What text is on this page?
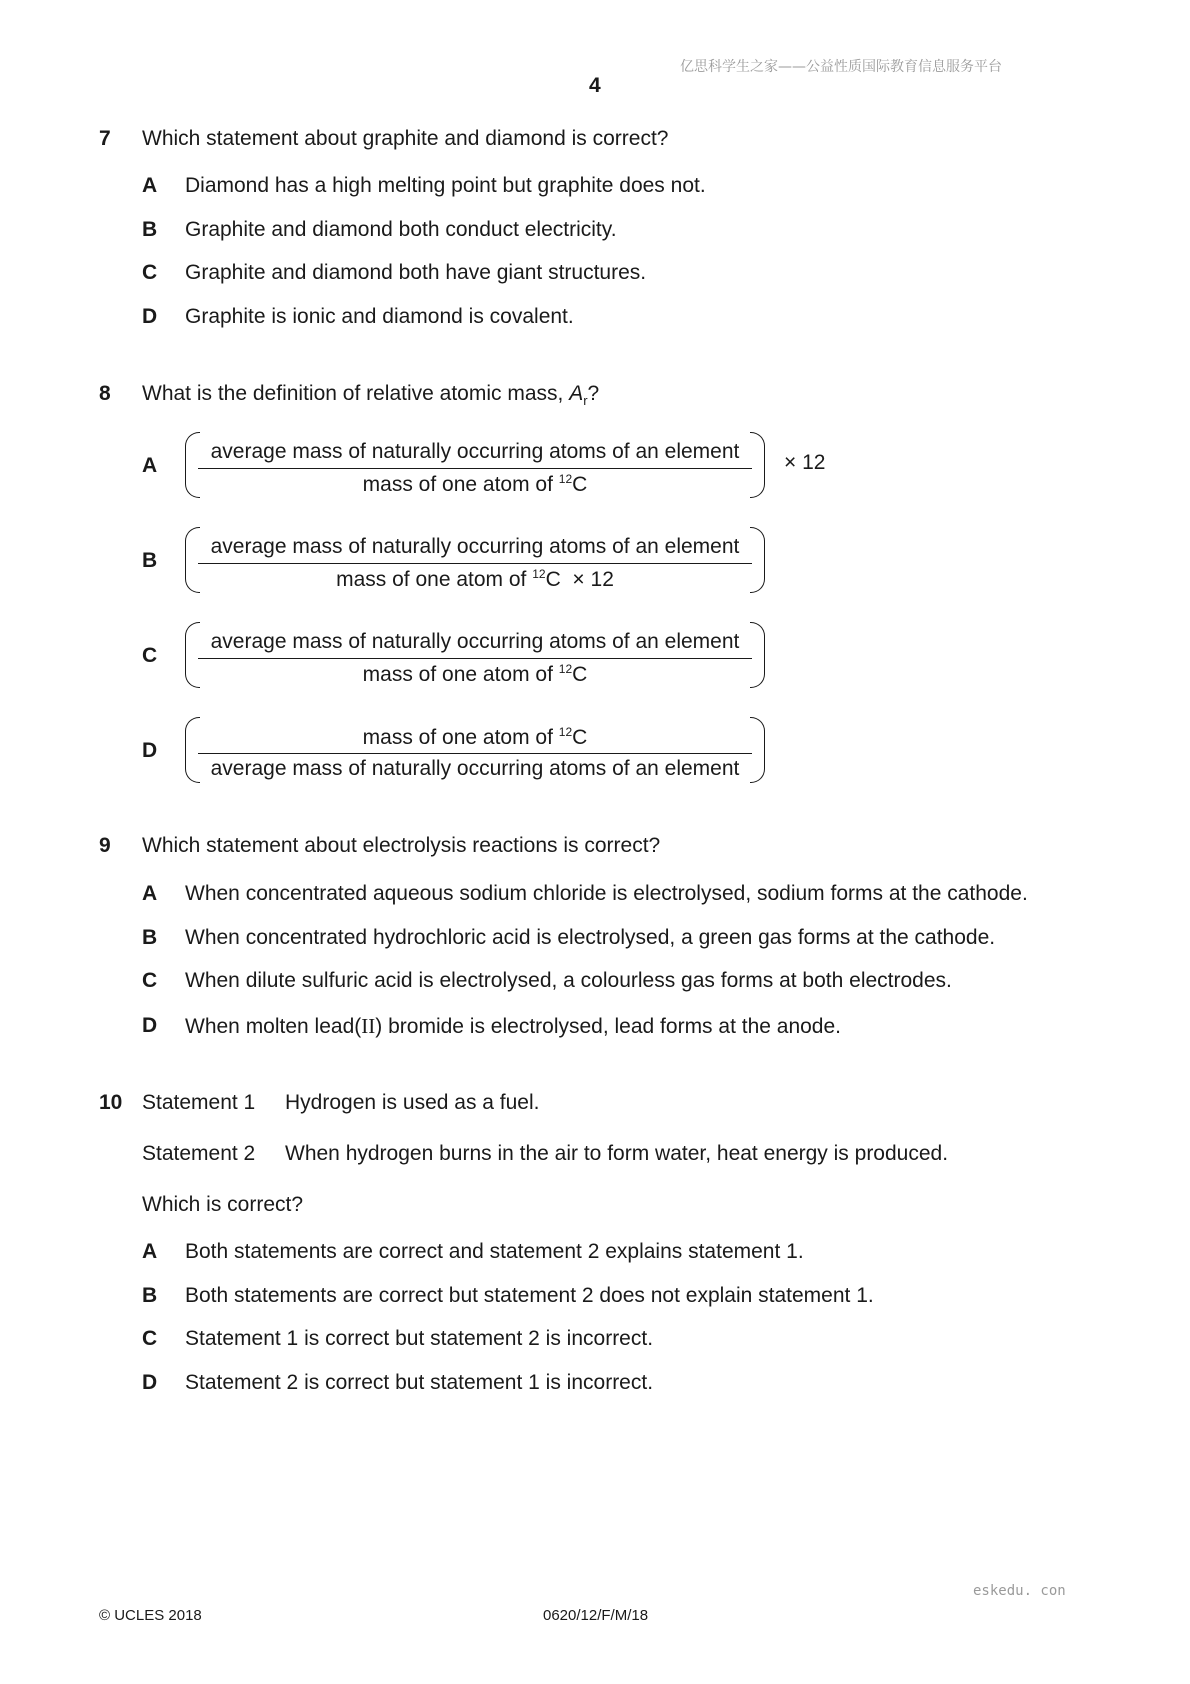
亿思科学生之家——公益性质国际教育信息服务平台
4
7 Which statement about graphite and diamond is correct?
A Diamond has a high melting point but graphite does not.
B Graphite and diamond both conduct electricity.
C Graphite and diamond both have giant structures.
D Graphite is ionic and diamond is covalent.
8 What is the definition of relative atomic mass, $A_r$?
A
average mass of naturally occurring atoms of an element
mass of one atom of $^{12}$C
× 12
B
average mass of naturally occurring atoms of an element
mass of one atom of $^{12}$C × 12
C
average mass of naturally occurring atoms of an element
mass of one atom of $^{12}$C
D
mass of one atom of $^{12}$C
average mass of naturally occurring atoms of an element
9 Which statement about electrolysis reactions is correct?
A When concentrated aqueous sodium chloride is electrolysed, sodium forms at the cathode.
B When concentrated hydrochloric acid is electrolysed, a green gas forms at the cathode.
C When dilute sulfuric acid is electrolysed, a colourless gas forms at both electrodes.
D When molten lead(II) bromide is electrolysed, lead forms at the anode.
10 Statement 1 Hydrogen is used as a fuel.
Statement 2 When hydrogen burns in the air to form water, heat energy is produced.
Which is correct?
A Both statements are correct and statement 2 explains statement 1.
B Both statements are correct but statement 2 does not explain statement 1.
C Statement 1 is correct but statement 2 is incorrect.
D Statement 2 is correct but statement 1 is incorrect.
eskedu. con
© UCLES 2018	0620/12/F/M/18
